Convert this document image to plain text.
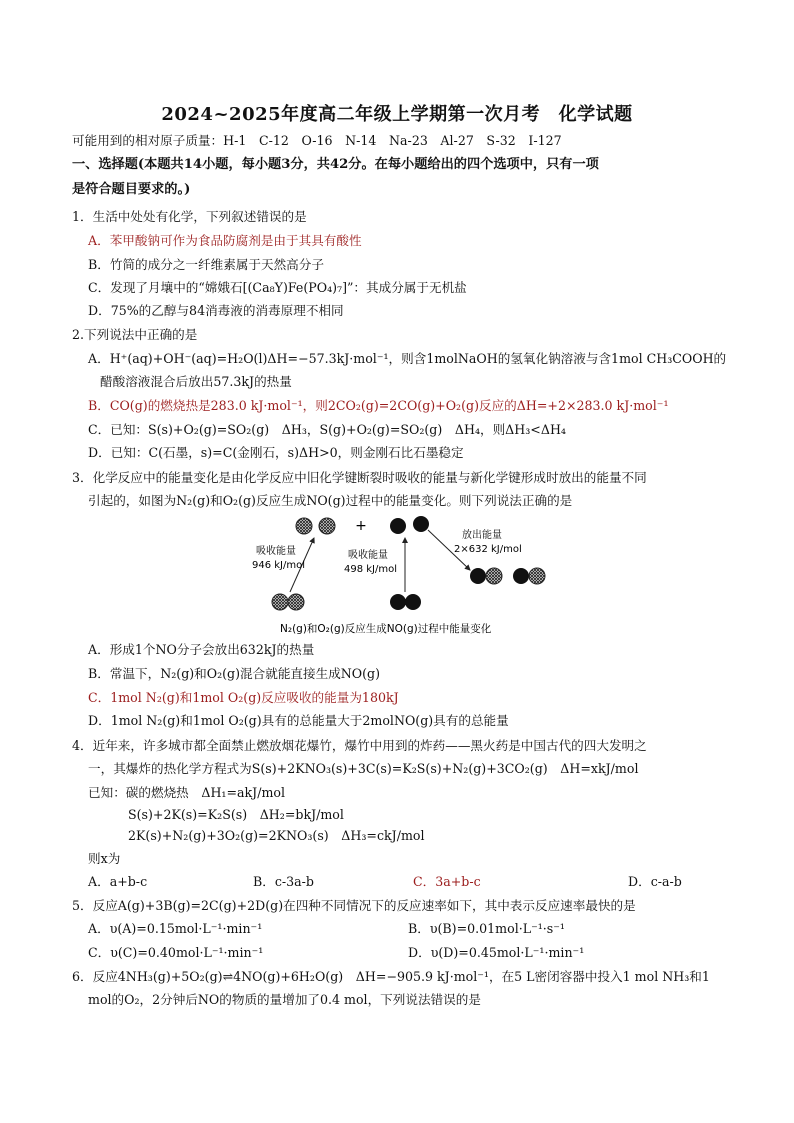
2024~2025年度高二年级上学期第一次月考　化学试题
可能用到的相对原子质量：H-1　C-12　O-16　N-14　Na-23　Al-27　S-32　I-127
一、选择题(本题共14小题，每小题3分，共42分。在每小题给出的四个选项中，只有一项
是符合题目要求的。)
1．生活中处处有化学，下列叙述错误的是
A．苯甲酸钠可作为食品防腐剂是由于其具有酸性
B．竹简的成分之一纤维素属于天然高分子
C．发现了月壤中的“嫦娥石[(Ca₈Y)Fe(PO₄)₇]”：其成分属于无机盐
D．75%的乙醇与84消毒液的消毒原理不相同
2.下列说法中正确的是
A．H⁺(aq)+OH⁻(aq)=H₂O(l)ΔH=−57.3kJ·mol⁻¹，则含1molNaOH的氢氧化钠溶液与含1mol CH₃COOH的
醋酸溶液混合后放出57.3kJ的热量
B．CO(g)的燃烧热是283.0 kJ·mol⁻¹，则2CO₂(g)=2CO(g)+O₂(g)反应的ΔH=+2×283.0 kJ·mol⁻¹
C．已知：S(s)+O₂(g)=SO₂(g)　ΔH₃，S(g)+O₂(g)=SO₂(g)　ΔH₄，则ΔH₃<ΔH₄
D．已知：C(石墨，s)=C(金刚石，s)ΔH>0，则金刚石比石墨稳定
3．化学反应中的能量变化是由化学反应中旧化学键断裂时吸收的能量与新化学键形成时放出的能量不同
引起的，如图为N₂(g)和O₂(g)反应生成NO(g)过程中的能量变化。则下列说法正确的是
+
吸收能量
946 kJ/mol
吸收能量
498 kJ/mol
放出能量
2×632 kJ/mol
N₂(g)和O₂(g)反应生成NO(g)过程中能量变化
A．形成1个NO分子会放出632kJ的热量
B．常温下，N₂(g)和O₂(g)混合就能直接生成NO(g)
C．1mol N₂(g)和1mol O₂(g)反应吸收的能量为180kJ
D．1mol N₂(g)和1mol O₂(g)具有的总能量大于2molNO(g)具有的总能量
4．近年来，许多城市都全面禁止燃放烟花爆竹，爆竹中用到的炸药——黑火药是中国古代的四大发明之
一，其爆炸的热化学方程式为S(s)+2KNO₃(s)+3C(s)=K₂S(s)+N₂(g)+3CO₂(g)　ΔH=xkJ/mol
已知：碳的燃烧热　ΔH₁=akJ/mol
S(s)+2K(s)=K₂S(s)　ΔH₂=bkJ/mol
2K(s)+N₂(g)+3O₂(g)=2KNO₃(s)　ΔH₃=ckJ/mol
则x为
A．a+b-c	B．c-3a-b	C．3a+b-c	D．c-a-b
5．反应A(g)+3B(g)=2C(g)+2D(g)在四种不同情况下的反应速率如下，其中表示反应速率最快的是
A．υ(A)=0.15mol·L⁻¹·min⁻¹	B．υ(B)=0.01mol·L⁻¹·s⁻¹
C．υ(C)=0.40mol·L⁻¹·min⁻¹	D．υ(D)=0.45mol·L⁻¹·min⁻¹
6．反应4NH₃(g)+5O₂(g)⇌4NO(g)+6H₂O(g)　ΔH=−905.9 kJ·mol⁻¹，在5 L密闭容器中投入1 mol NH₃和1
mol的O₂，2分钟后NO的物质的量增加了0.4 mol，下列说法错误的是
